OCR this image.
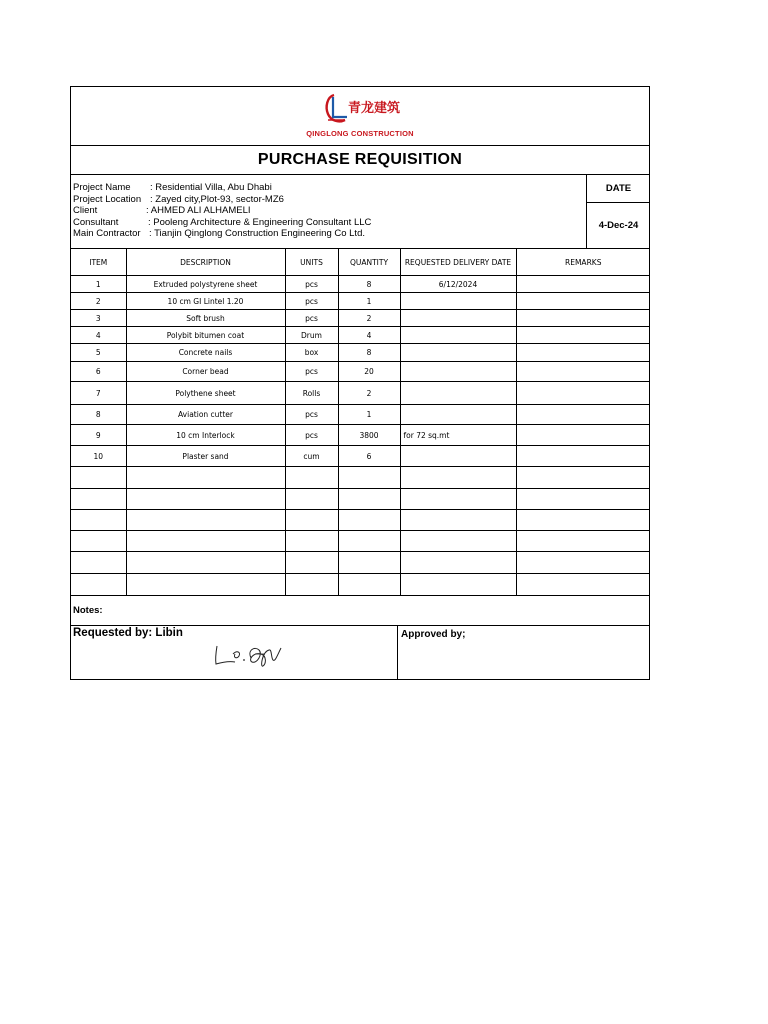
青龙建筑
QINGLONG CONSTRUCTION
PURCHASE REQUISITION
Project Name : Residential Villa, Abu Dhabi
Project Location : Zayed city,Plot-93, sector-MZ6
Client	: AHMED ALI ALHAMELI
Consultant	: Pooleng Architecture & Engineering Consultant LLC
Main Contractor : Tianjin Qinglong Construction Engineering Co Ltd.
DATE
4-Dec-24
ITEM	DESCRIPTION	UNITS	QUANTITY	REQUESTED DELIVERY DATE	REMARKS
1	Extruded polystyrene sheet	pcs	8	6/12/2024	
2	10 cm GI Lintel 1.20	pcs	1		
3	Soft brush	pcs	2		
4	Polybit bitumen coat	Drum	4		
5	Concrete nails	box	8		
6	Corner bead	pcs	20		
7	Polythene sheet	Rolls	2		
8	Aviation cutter	pcs	1		
9	10 cm Interlock	pcs	3800	for 72 sq.mt	
10	Plaster sand	cum	6		

Notes:
Requested by: Libin	Approved by;
